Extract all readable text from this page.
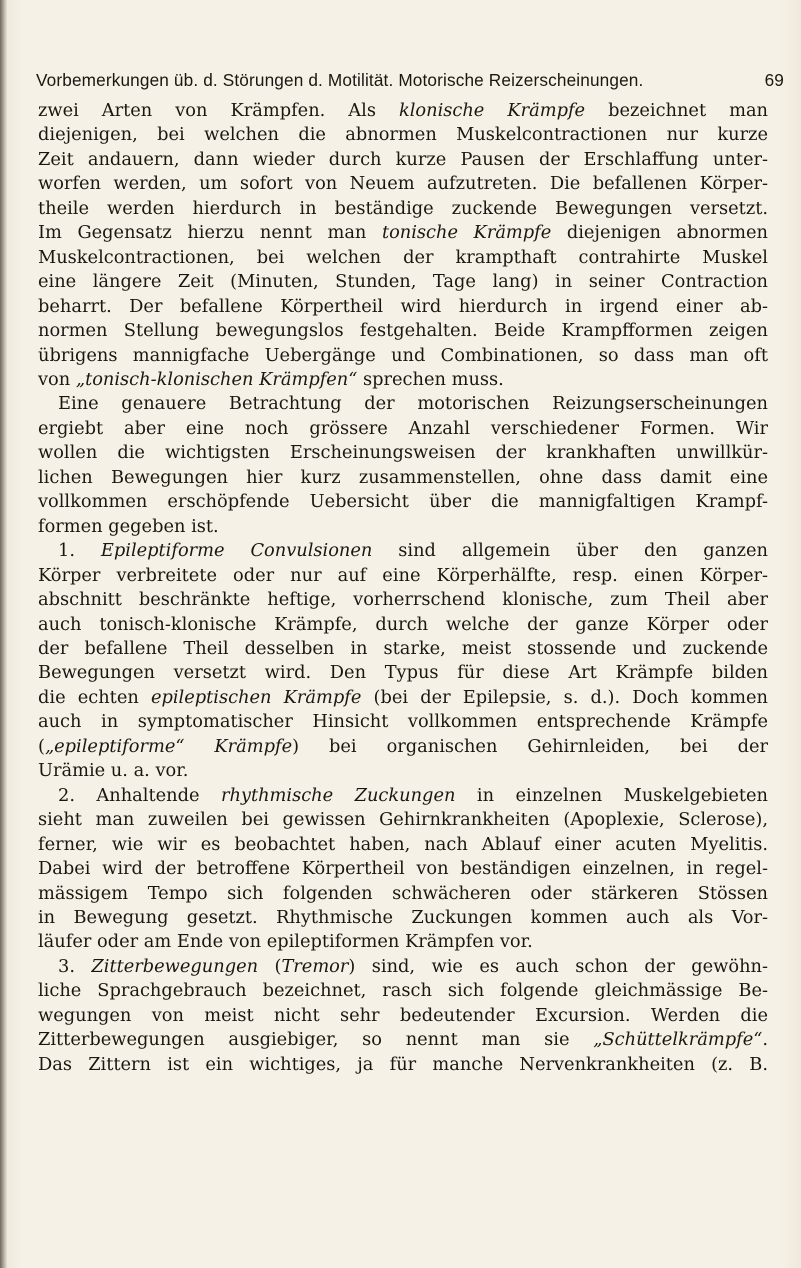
Vorbemerkungen üb. d. Störungen d. Motilität. Motorische Reizerscheinungen.	69
zwei Arten von Krämpfen. Als klonische Krämpfe bezeichnet man
diejenigen, bei welchen die abnormen Muskelcontractionen nur kurze
Zeit andauern, dann wieder durch kurze Pausen der Erschlaffung unter-
worfen werden, um sofort von Neuem aufzutreten. Die befallenen Körper-
theile werden hierdurch in beständige zuckende Bewegungen versetzt.
Im Gegensatz hierzu nennt man tonische Krämpfe diejenigen abnormen
Muskelcontractionen, bei welchen der krampthaft contrahirte Muskel
eine längere Zeit (Minuten, Stunden, Tage lang) in seiner Contraction
beharrt. Der befallene Körpertheil wird hierdurch in irgend einer ab-
normen Stellung bewegungslos festgehalten. Beide Krampfformen zeigen
übrigens mannigfache Uebergänge und Combinationen, so dass man oft
von „tonisch-klonischen Krämpfen“ sprechen muss.
Eine genauere Betrachtung der motorischen Reizungserscheinungen
ergiebt aber eine noch grössere Anzahl verschiedener Formen. Wir
wollen die wichtigsten Erscheinungsweisen der krankhaften unwillkür-
lichen Bewegungen hier kurz zusammenstellen, ohne dass damit eine
vollkommen erschöpfende Uebersicht über die mannigfaltigen Krampf-
formen gegeben ist.
1. Epileptiforme Convulsionen sind allgemein über den ganzen
Körper verbreitete oder nur auf eine Körperhälfte, resp. einen Körper-
abschnitt beschränkte heftige, vorherrschend klonische, zum Theil aber
auch tonisch-klonische Krämpfe, durch welche der ganze Körper oder
der befallene Theil desselben in starke, meist stossende und zuckende
Bewegungen versetzt wird. Den Typus für diese Art Krämpfe bilden
die echten epileptischen Krämpfe (bei der Epilepsie, s. d.). Doch kommen
auch in symptomatischer Hinsicht vollkommen entsprechende Krämpfe
(„epileptiforme“ Krämpfe) bei organischen Gehirnleiden, bei der
Urämie u. a. vor.
2. Anhaltende rhythmische Zuckungen in einzelnen Muskelgebieten
sieht man zuweilen bei gewissen Gehirnkrankheiten (Apoplexie, Sclerose),
ferner, wie wir es beobachtet haben, nach Ablauf einer acuten Myelitis.
Dabei wird der betroffene Körpertheil von beständigen einzelnen, in regel-
mässigem Tempo sich folgenden schwächeren oder stärkeren Stössen
in Bewegung gesetzt. Rhythmische Zuckungen kommen auch als Vor-
läufer oder am Ende von epileptiformen Krämpfen vor.
3. Zitterbewegungen (Tremor) sind, wie es auch schon der gewöhn-
liche Sprachgebrauch bezeichnet, rasch sich folgende gleichmässige Be-
wegungen von meist nicht sehr bedeutender Excursion. Werden die
Zitterbewegungen ausgiebiger, so nennt man sie „Schüttelkrämpfe“.
Das Zittern ist ein wichtiges, ja für manche Nervenkrankheiten (z. B.
